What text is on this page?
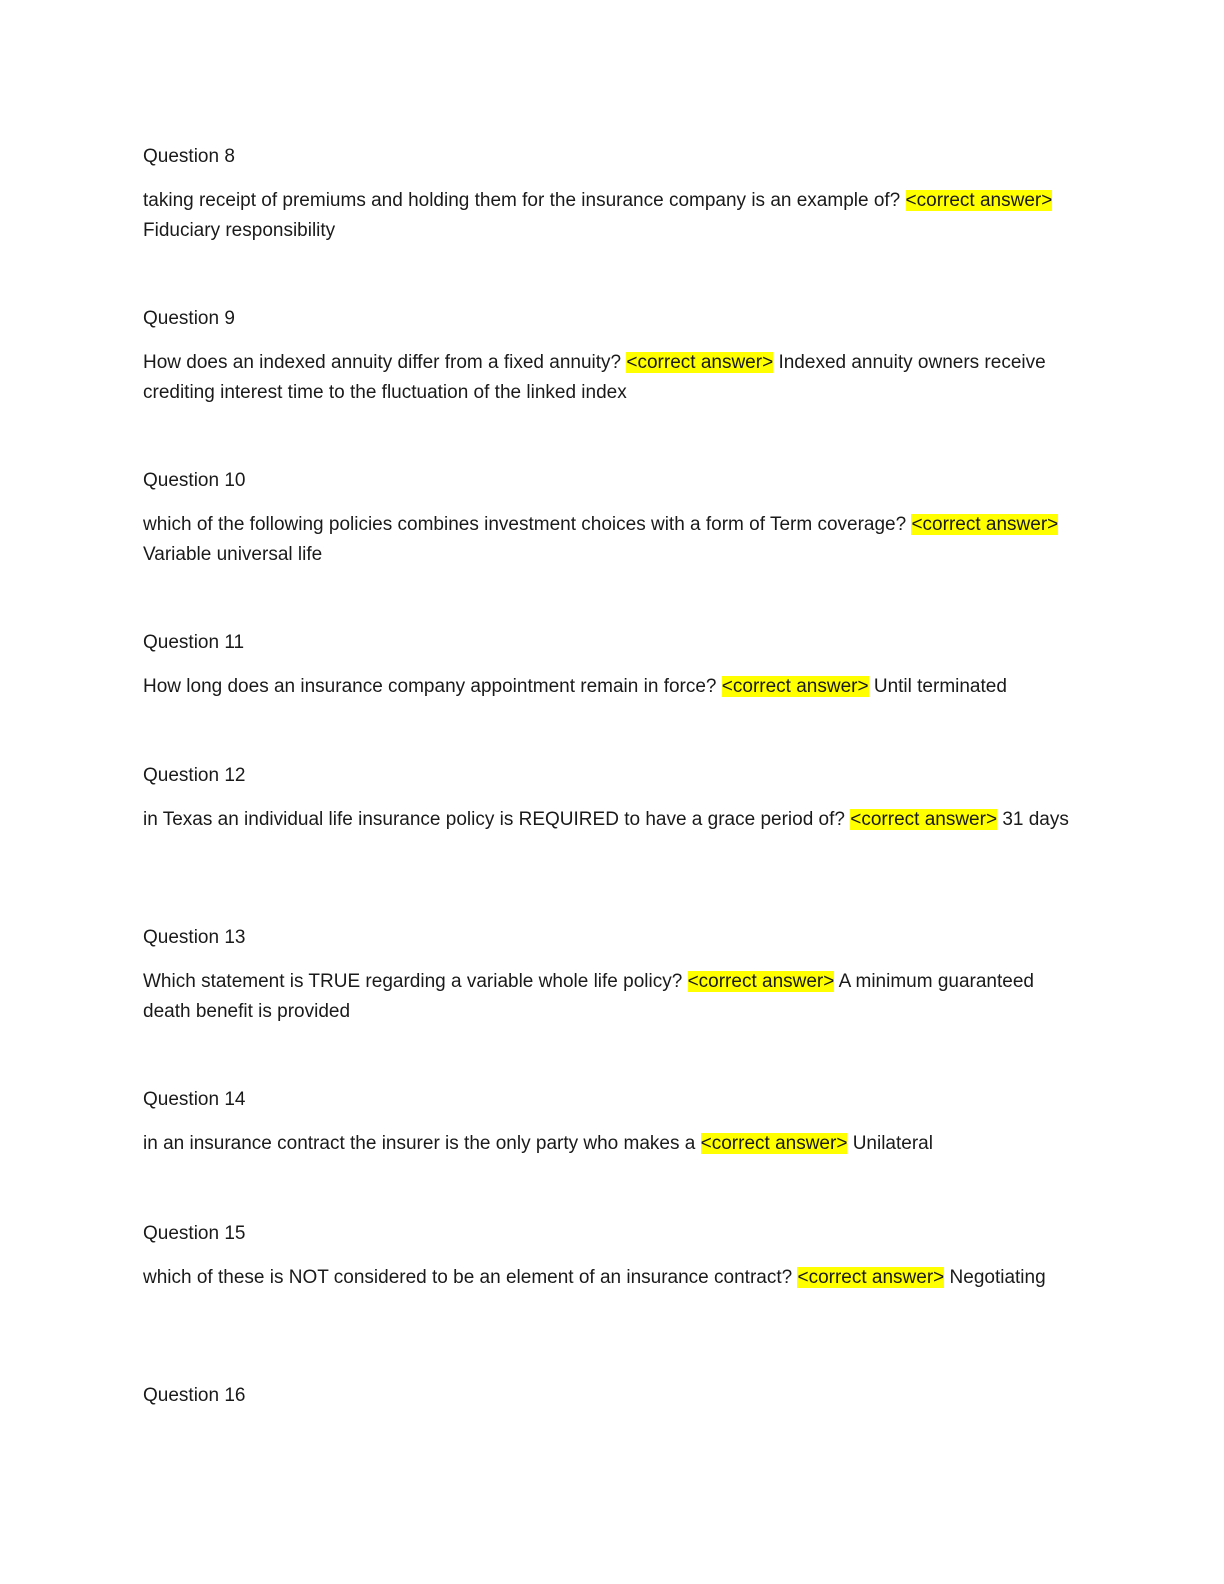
Question 8

taking receipt of premiums and holding them for the insurance company is an example of? <correct answer> Fiduciary responsibility

Question 9

How does an indexed annuity differ from a fixed annuity? <correct answer> Indexed annuity owners receive crediting interest time to the fluctuation of the linked index

Question 10

which of the following policies combines investment choices with a form of Term coverage? <correct answer> Variable universal life

Question 11

How long does an insurance company appointment remain in force? <correct answer> Until terminated

Question 12

in Texas an individual life insurance policy is REQUIRED to have a grace period of? <correct answer> 31 days

Question 13

Which statement is TRUE regarding a variable whole life policy? <correct answer> A minimum guaranteed death benefit is provided

Question 14

in an insurance contract the insurer is the only party who makes a <correct answer> Unilateral

Question 15

which of these is NOT considered to be an element of an insurance contract? <correct answer> Negotiating

Question 16
